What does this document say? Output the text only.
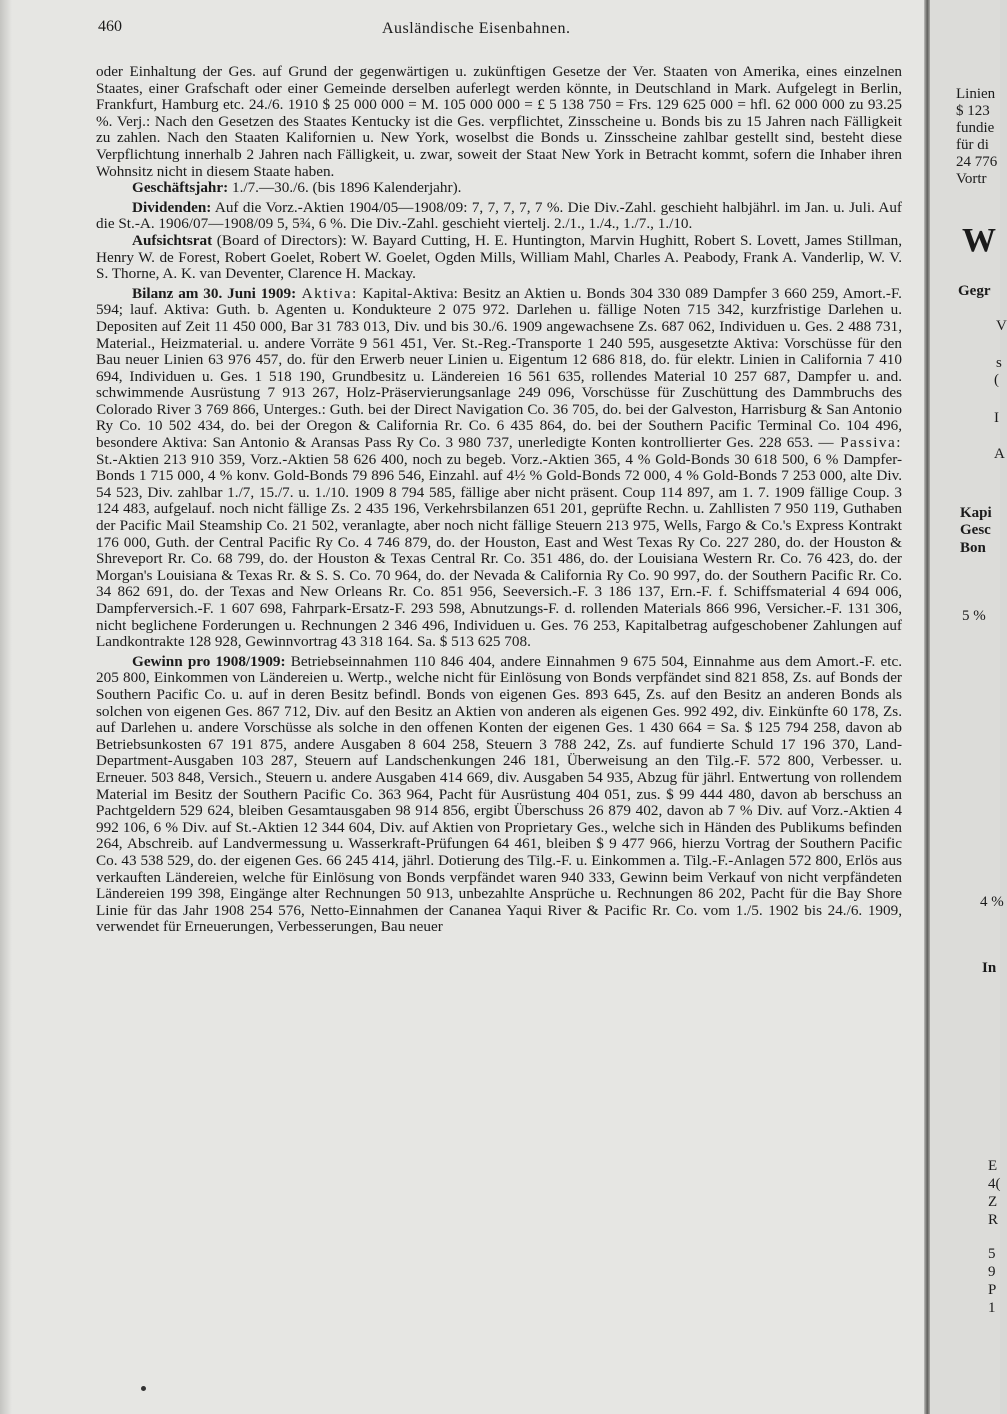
460	Ausländische Eisenbahnen.

oder Einhaltung der Ges. auf Grund der gegenwärtigen u. zukünftigen Gesetze der Ver. Staaten von Amerika, eines einzelnen Staates, einer Grafschaft oder einer Gemeinde derselben auferlegt werden könnte, in Deutschland in Mark. Aufgelegt in Berlin, Frankfurt, Hamburg etc. 24./6. 1910 $ 25 000 000 = M. 105 000 000 = £ 5 138 750 = Frs. 129 625 000 = hfl. 62 000 000 zu 93.25 %. Verj.: Nach den Gesetzen des Staates Kentucky ist die Ges. verpflichtet, Zinsscheine u. Bonds bis zu 15 Jahren nach Fälligkeit zu zahlen. Nach den Staaten Kalifornien u. New York, woselbst die Bonds u. Zinsscheine zahlbar gestellt sind, besteht diese Verpflichtung innerhalb 2 Jahren nach Fälligkeit, u. zwar, soweit der Staat New York in Betracht kommt, sofern die Inhaber ihren Wohnsitz nicht in diesem Staate haben.

Geschäftsjahr: 1./7.—30./6. (bis 1896 Kalenderjahr).

Dividenden: Auf die Vorz.-Aktien 1904/05—1908/09: 7, 7, 7, 7, 7 %. Die Div.-Zahl. geschieht halbjährl. im Jan. u. Juli. Auf die St.-A. 1906/07—1908/09 5, 5¾, 6 %. Die Div.-Zahl. geschieht viertelj. 2./1., 1./4., 1./7., 1./10.

Aufsichtsrat (Board of Directors): W. Bayard Cutting, H. E. Huntington, Marvin Hughitt, Robert S. Lovett, James Stillman, Henry W. de Forest, Robert Goelet, Robert W. Goelet, Ogden Mills, William Mahl, Charles A. Peabody, Frank A. Vanderlip, W. V. S. Thorne, A. K. van Deventer, Clarence H. Mackay.

Bilanz am 30. Juni 1909: Aktiva: Kapital-Aktiva: Besitz an Aktien u. Bonds 304 330 089 Dampfer 3 660 259, Amort.-F. 594; lauf. Aktiva: Guth. b. Agenten u. Kondukteure 2 075 972. Darlehen u. fällige Noten 715 342, kurzfristige Darlehen u. Depositen auf Zeit 11 450 000, Bar 31 783 013, Div. und bis 30./6. 1909 angewachsene Zs. 687 062, Individuen u. Ges. 2 488 731, Material., Heizmaterial. u. andere Vorräte 9 561 451, Ver. St.-Reg.-Transporte 1 240 595, ausgesetzte Aktiva: Vorschüsse für den Bau neuer Linien 63 976 457, do. für den Erwerb neuer Linien u. Eigentum 12 686 818, do. für elektr. Linien in California 7 410 694, Individuen u. Ges. 1 518 190, Grundbesitz u. Ländereien 16 561 635, rollendes Material 10 257 687, Dampfer u. and. schwimmende Ausrüstung 7 913 267, Holz-Präservierungsanlage 249 096, Vorschüsse für Zuschüttung des Dammbruchs des Colorado River 3 769 866, Unterges.: Guth. bei der Direct Navigation Co. 36 705, do. bei der Galveston, Harrisburg & San Antonio Ry Co. 10 502 434, do. bei der Oregon & California Rr. Co. 6 435 864, do. bei der Southern Pacific Terminal Co. 104 496, besondere Aktiva: San Antonio & Aransas Pass Ry Co. 3 980 737, unerledigte Konten kontrollierter Ges. 228 653. — Passiva: St.-Aktien 213 910 359, Vorz.-Aktien 58 626 400, noch zu begeb. Vorz.-Aktien 365, 4 % Gold-Bonds 30 618 500, 6 % Dampfer-Bonds 1 715 000, 4 % konv. Gold-Bonds 79 896 546, Einzahl. auf 4½ % Gold-Bonds 72 000, 4 % Gold-Bonds 7 253 000, alte Div. 54 523, Div. zahlbar 1./7, 15./7. u. 1./10. 1909 8 794 585, fällige aber nicht präsent. Coup 114 897, am 1. 7. 1909 fällige Coup. 3 124 483, aufgelauf. noch nicht fällige Zs. 2 435 196, Verkehrsbilanzen 651 201, geprüfte Rechn. u. Zahllisten 7 950 119, Guthaben der Pacific Mail Steamship Co. 21 502, veranlagte, aber noch nicht fällige Steuern 213 975, Wells, Fargo & Co.'s Express Kontrakt 176 000, Guth. der Central Pacific Ry Co. 4 746 879, do. der Houston, East and West Texas Ry Co. 227 280, do. der Houston & Shreveport Rr. Co. 68 799, do. der Houston & Texas Central Rr. Co. 351 486, do. der Louisiana Western Rr. Co. 76 423, do. der Morgan's Louisiana & Texas Rr. & S. S. Co. 70 964, do. der Nevada & California Ry Co. 90 997, do. der Southern Pacific Rr. Co. 34 862 691, do. der Texas and New Orleans Rr. Co. 851 956, Seeversich.-F. 3 186 137, Ern.-F. f. Schiffsmaterial 4 694 006, Dampferversich.-F. 1 607 698, Fahrpark-Ersatz-F. 293 598, Abnutzungs-F. d. rollenden Materials 866 996, Versicher.-F. 131 306, nicht beglichene Forderungen u. Rechnungen 2 346 496, Individuen u. Ges. 76 253, Kapitalbetrag aufgeschobener Zahlungen auf Landkontrakte 128 928, Gewinnvortrag 43 318 164. Sa. $ 513 625 708.

Gewinn pro 1908/1909: Betriebseinnahmen 110 846 404, andere Einnahmen 9 675 504, Einnahme aus dem Amort.-F. etc. 205 800, Einkommen von Ländereien u. Wertp., welche nicht für Einlösung von Bonds verpfändet sind 821 858, Zs. auf Bonds der Southern Pacific Co. u. auf in deren Besitz befindl. Bonds von eigenen Ges. 893 645, Zs. auf den Besitz an anderen Bonds als solchen von eigenen Ges. 867 712, Div. auf den Besitz an Aktien von anderen als eigenen Ges. 992 492, div. Einkünfte 60 178, Zs. auf Darlehen u. andere Vorschüsse als solche in den offenen Konten der eigenen Ges. 1 430 664 = Sa. $ 125 794 258, davon ab Betriebsunkosten 67 191 875, andere Ausgaben 8 604 258, Steuern 3 788 242, Zs. auf fundierte Schuld 17 196 370, Land-Department-Ausgaben 103 287, Steuern auf Landschenkungen 246 181, Überweisung an den Tilg.-F. 572 800, Verbesser. u. Erneuer. 503 848, Versich., Steuern u. andere Ausgaben 414 669, div. Ausgaben 54 935, Abzug für jährl. Entwertung von rollendem Material im Besitz der Southern Pacific Co. 363 964, Pacht für Ausrüstung 404 051, zus. $ 99 444 480, davon ab berschuss an Pachtgeldern 529 624, bleiben Gesamtausgaben 98 914 856, ergibt Überschuss 26 879 402, davon ab 7 % Div. auf Vorz.-Aktien 4 992 106, 6 % Div. auf St.-Aktien 12 344 604, Div. auf Aktien von Proprietary Ges., welche sich in Händen des Publikums befinden 264, Abschreib. auf Landvermessung u. Wasserkraft-Prüfungen 64 461, bleiben $ 9 477 966, hierzu Vortrag der Southern Pacific Co. 43 538 529, do. der eigenen Ges. 66 245 414, jährl. Dotierung des Tilg.-F. u. Einkommen a. Tilg.-F.-Anlagen 572 800, Erlös aus verkauften Ländereien, welche für Einlösung von Bonds verpfändet waren 940 333, Gewinn beim Verkauf von nicht verpfändeten Ländereien 199 398, Eingänge alter Rechnungen 50 913, unbezahlte Ansprüche u. Rechnungen 86 202, Pacht für die Bay Shore Linie für das Jahr 1908 254 576, Netto-Einnahmen der Cananea Yaqui River & Pacific Rr. Co. vom 1./5. 1902 bis 24./6. 1909, verwendet für Erneuerungen, Verbesserungen, Bau neuer

Linien
$ 123
fundie
für di
24 776
Vortr
W
Gegr
V
s
(
I
A
Kapi
Gesc
Bon
5 %
4 %
In
E
4(
Z
R
5
9
P
1
